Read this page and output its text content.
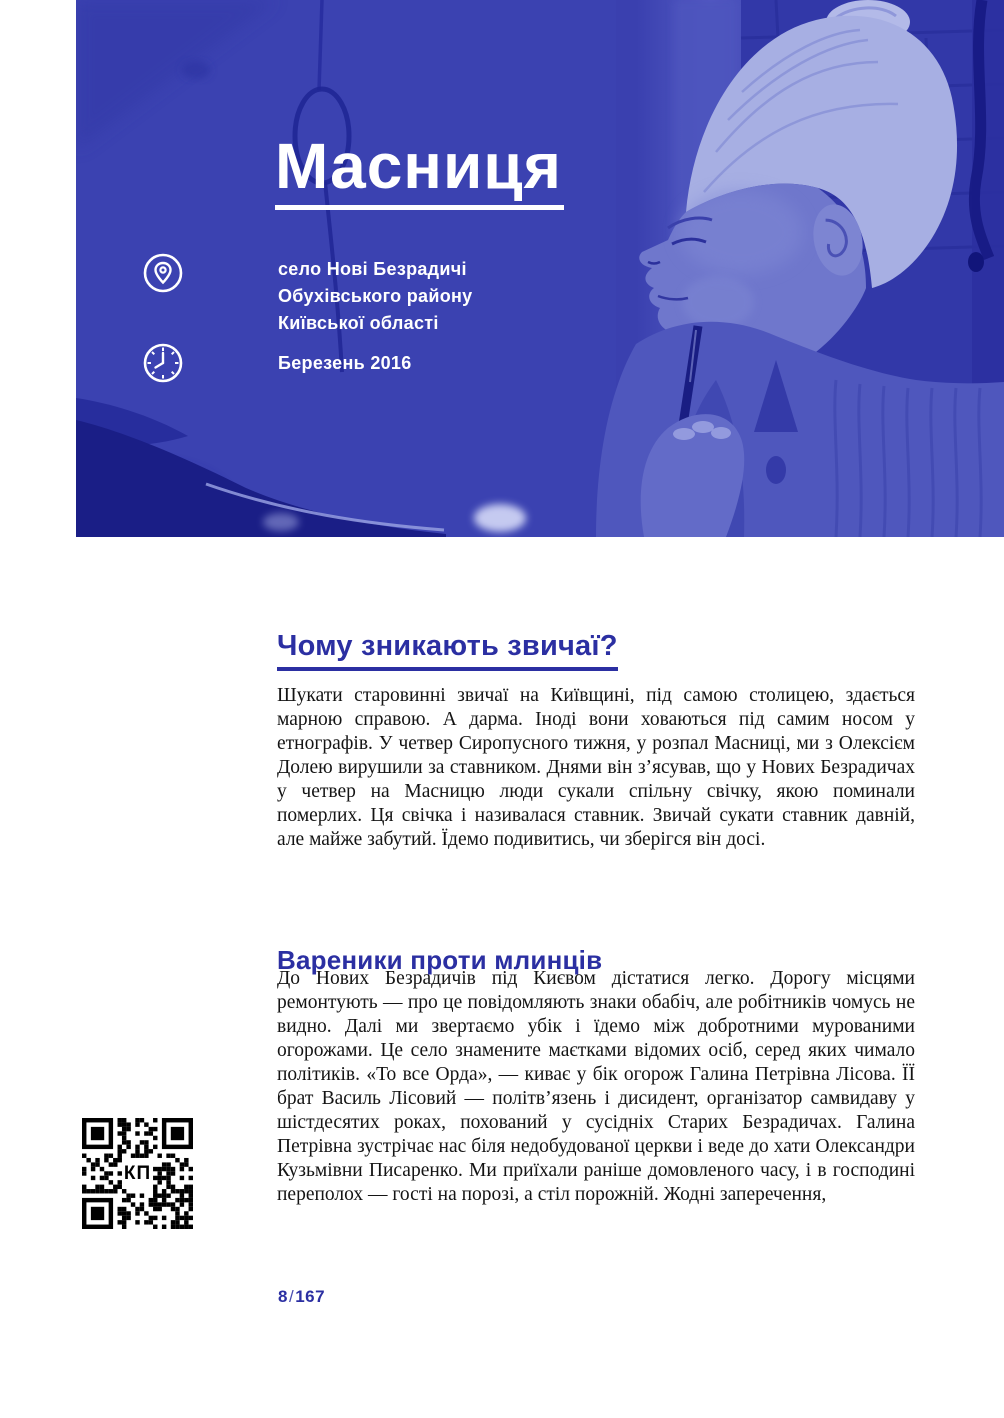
Масниця
село Нові Безрадичі
Обухівського району
Київської області
Березень 2016
Чому зникають звичаї?

Шукати старовинні звичаї на Київщині, під самою столицею, здається марною справою. А дарма. Іноді вони ховаються під самим носом у етнографів. У четвер Сиропусного тижня, у розпал Масниці, ми з Олексієм Долею вирушили за ставником. Днями він з’ясував, що у Нових Безрадичах у четвер на Масницю люди сукали спільну свічку, якою поминали померлих. Ця свічка і називалася ставник. Звичай сукати ставник давній, але майже забутий. Їдемо подивитись, чи зберігся він досі.

Вареники проти млинців

До Нових Безрадичів під Києвом дістатися легко. Дорогу місцями ремонтують — про це повідомляють знаки обабіч, але робітників чомусь не видно. Далі ми звертаємо убік і їдемо між добротними мурованими огорожами. Це село знамените маєтками відомих осіб, серед яких чимало політиків. «То все Орда», — киває у бік огорож Галина Петрівна Лісова. ЇЇ брат Василь Лісовий — політв’язень і дисидент, організатор самвидаву у шістдесятих роках, похований у сусідніх Старих Безрадичах. Галина Петрівна зустрічає нас біля недобудованої церкви і веде до хати Олександри Кузьмівни Писаренко. Ми приїхали раніше домовленого часу, і в господині переполох — гості на порозі, а стіл порожній. Жодні заперечення,

КП
8/167
